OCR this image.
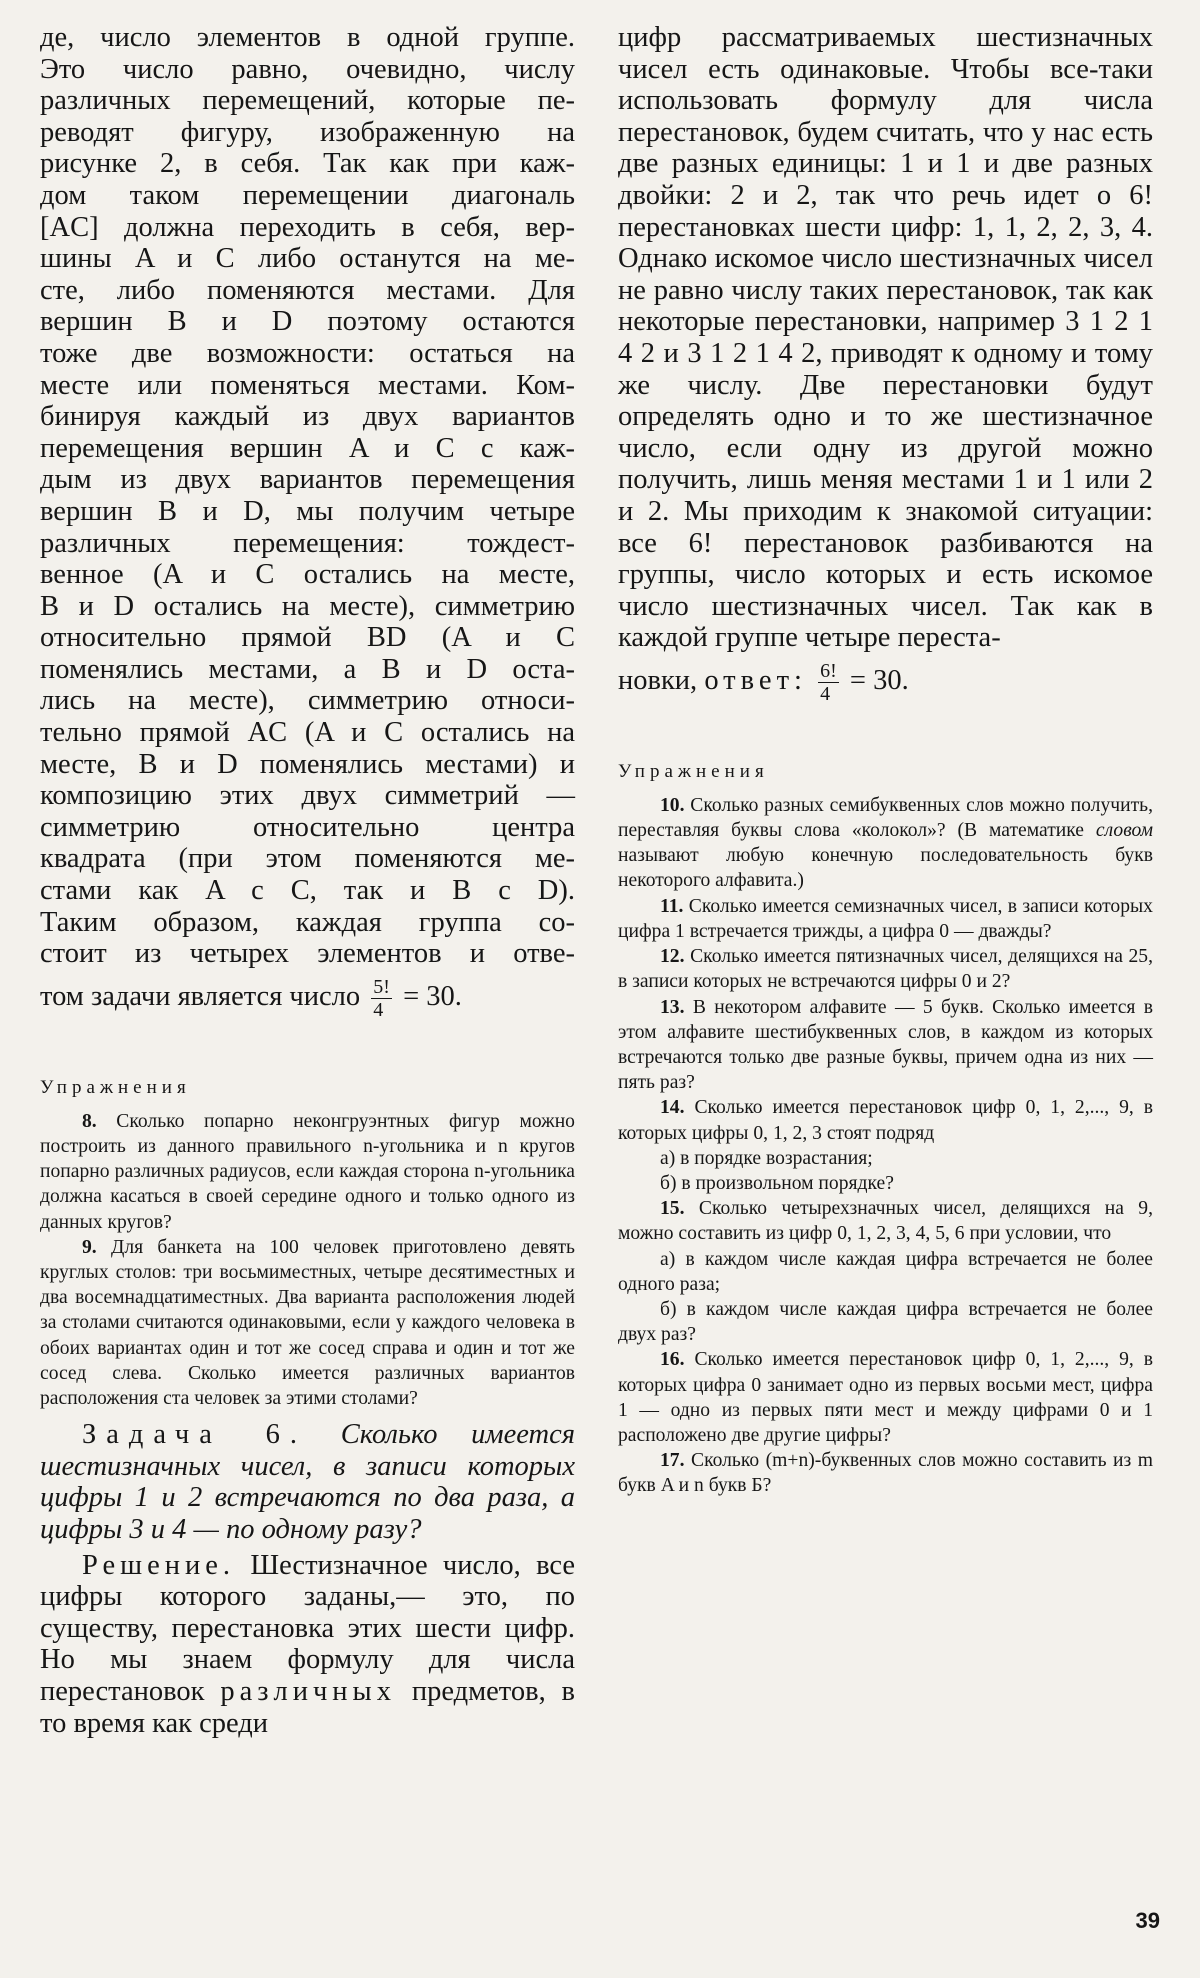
де, число элементов в одной группе.

Это число равно, очевидно, числу

различных перемещений, которые пе-

реводят фигуру, изображенную на

рисунке 2, в себя. Так как при каж-

дом таком перемещении диагональ

[AC] должна переходить в себя, вер-

шины A и C либо останутся на ме-

сте, либо поменяются местами. Для

вершин B и D поэтому остаются

тоже две возможности: остаться на

месте или поменяться местами. Ком-

бинируя каждый из двух вариантов

перемещения вершин A и C с каж-

дым из двух вариантов перемещения

вершин B и D, мы получим четыре

различных перемещения: тождест-

венное (A и C остались на месте,

B и D остались на месте), симметрию

относительно прямой BD (A и C

поменялись местами, а B и D оста-

лись на месте), симметрию относи-

тельно прямой AC (A и C остались на

месте, B и D поменялись местами) и

композицию этих двух симметрий —

симметрию относительно центра

квадрата (при этом поменяются ме-

стами как A с C, так и B с D).

Таким образом, каждая группа со-

стоит из четырех элементов и отве-

том задачи является число $\frac{5!}{4} = 30$.

Упражнения

8. Сколько попарно неконгруэнтных фигур можно построить из данного правильного n-угольника и n кругов попарно различных радиусов, если каждая сторона n-угольника должна касаться в своей середине одного и только одного из данных кругов?

9. Для банкета на 100 человек приготовлено девять круглых столов: три восьмиместных, четыре десятиместных и два восемнадцатиместных. Два варианта расположения людей за столами считаются одинаковыми, если у каждого человека в обоих вариантах один и тот же сосед справа и один и тот же сосед слева. Сколько имеется различных вариантов расположения ста человек за этими столами?

Задача 6. Сколько имеется шестизначных чисел, в записи которых цифры 1 и 2 встречаются по два раза, а цифры 3 и 4 — по одному разу?

Решение. Шестизначное число, все цифры которого заданы,— это, по существу, перестановка этих шести цифр. Но мы знаем формулу для числа перестановок различных предметов, в то время как среди

цифр рассматриваемых шестизначных чисел есть одинаковые. Чтобы все-таки использовать формулу для числа перестановок, будем считать, что у нас есть две разных единицы: 1 и 1 и две разных двойки: 2 и 2, так что речь идет о 6! перестановках шести цифр: 1, 1, 2, 2, 3, 4. Однако искомое число шестизначных чисел не равно числу таких перестановок, так как некоторые перестановки, например 3 1 2 1 4 2 и 3 1 2 1 4 2, приводят к одному и тому же числу. Две перестановки будут определять одно и то же шестизначное число, если одну из другой можно получить, лишь меняя местами 1 и 1 или 2 и 2. Мы приходим к знакомой ситуации: все 6! перестановок разбиваются на группы, число которых и есть искомое число шестизначных чисел. Так как в каждой группе четыре переста-

новки, ответ: $\frac{6!}{4} = 30$.

Упражнения

10. Сколько разных семибуквенных слов можно получить, переставляя буквы слова «колокол»? (В математике словом называют любую конечную последовательность букв некоторого алфавита.)

11. Сколько имеется семизначных чисел, в записи которых цифра 1 встречается трижды, а цифра 0 — дважды?

12. Сколько имеется пятизначных чисел, делящихся на 25, в записи которых не встречаются цифры 0 и 2?

13. В некотором алфавите — 5 букв. Сколько имеется в этом алфавите шестибуквенных слов, в каждом из которых встречаются только две разные буквы, причем одна из них — пять раз?

14. Сколько имеется перестановок цифр 0, 1, 2,..., 9, в которых цифры 0, 1, 2, 3 стоят подряд

а) в порядке возрастания;

б) в произвольном порядке?

15. Сколько четырехзначных чисел, делящихся на 9, можно составить из цифр 0, 1, 2, 3, 4, 5, 6 при условии, что

а) в каждом числе каждая цифра встречается не более одного раза;

б) в каждом числе каждая цифра встречается не более двух раз?

16. Сколько имеется перестановок цифр 0, 1, 2,..., 9, в которых цифра 0 занимает одно из первых восьми мест, цифра 1 — одно из первых пяти мест и между цифрами 0 и 1 расположено две другие цифры?

17. Сколько (m+n)-буквенных слов можно составить из m букв A и n букв Б?

39
